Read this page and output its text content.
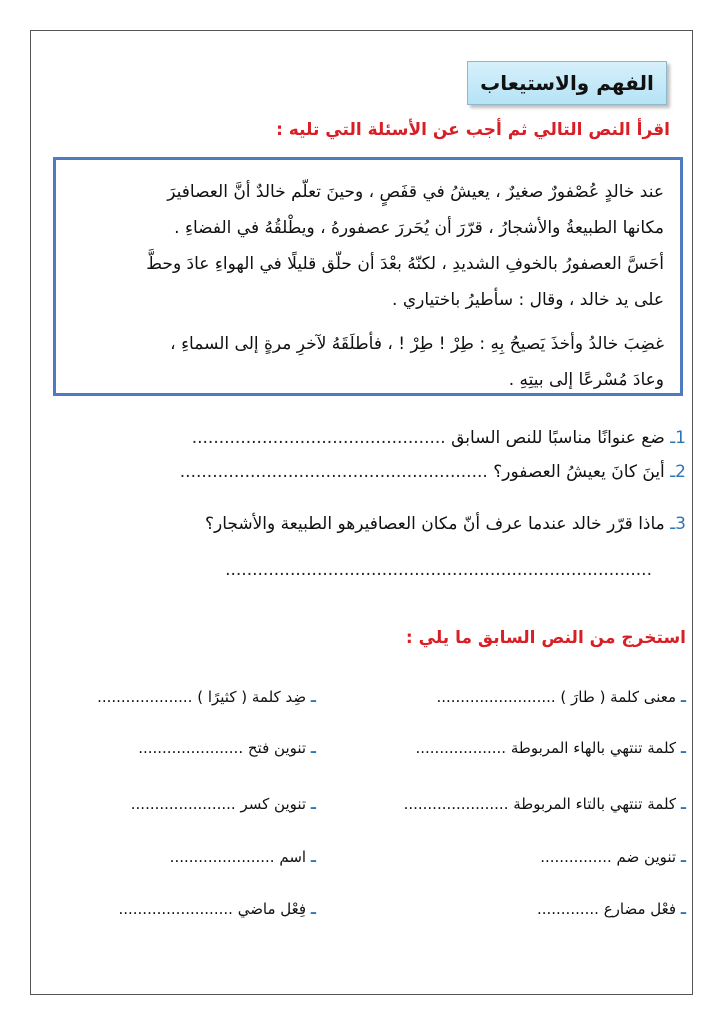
الفهم والاستيعاب
اقرأ النص التالي ثم أجب عن الأسئلة التي تليه :
عند خالدٍ عُصْفورٌ صغيرٌ ، يعيشُ في قفَصٍ ، وحينَ تعلّم خالدٌ أنَّ العصافيرَ
مكانها الطبيعةُ والأشجارُ ، قرّرَ أن يُحَررَ عصفورهُ ، ويطْلقُهُ في الفضاءِ .
أحَسَّ العصفورُ بالخوفِ الشديدِ ، لكنّهُ بعْدَ أن حلّق قليلًا في الهواءِ عادَ وحطَّ
على يد خالد ، وقال : سأطيرُ باختياري .
غضِبَ خالدُ وأخذَ يَصيحُ بِهِ : طِرْ ! طِرْ ! ، فأطلَقَهُ لآخرِ مرةٍ إلى السماءِ ،
وعادَ مُسْرعًا إلى بيتِهِ .
1ـ ضع عنوانًا مناسبًا للنص السابق ...............................................
2ـ أينَ كانَ يعيشُ العصفور؟ .........................................................
3ـ ماذا قرّر خالد عندما عرف أنّ مكان العصافيرهو الطبيعة والأشجار؟
...............................................................................
استخرج من النص السابق ما يلي :
ـ معنى كلمة ( طارَ ) .........................
ـ كلمة تنتهي بالهاء المربوطة ...................
ـ كلمة تنتهي بالتاء المربوطة ......................
ـ تنوين ضم ...............
ـ فعْل مضارع .............
ـ ضِد كلمة ( كثيرًا ) ....................
ـ تنوين فتح ......................
ـ تنوين كسر ......................
ـ اسم ......................
ـ فِعْل ماضي ........................
